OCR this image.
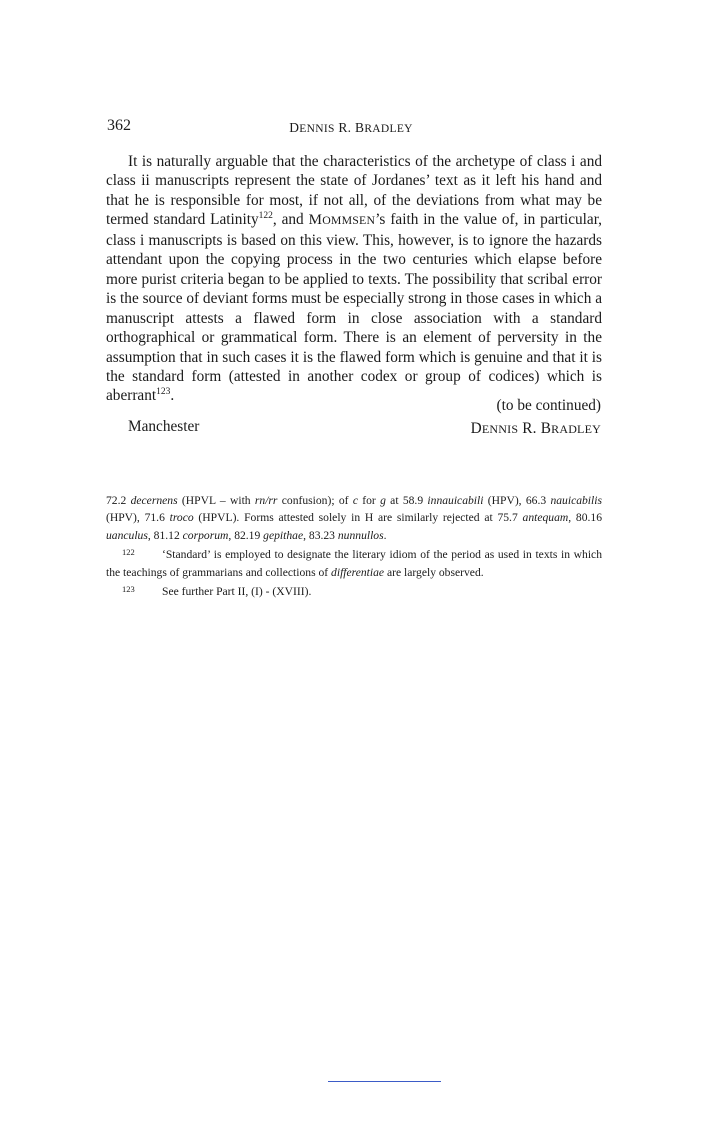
362	DENNIS R. BRADLEY

It is naturally arguable that the characteristics of the archetype of class i and class ii manuscripts represent the state of Jordanes’ text as it left his hand and that he is responsible for most, if not all, of the deviations from what may be termed standard Latinity$^{122}$, and MOMMSEN’s faith in the value of, in particular, class i manuscripts is based on this view. This, however, is to ignore the hazards attendant upon the copying process in the two centuries which elapse before more purist criteria began to be applied to texts. The possibility that scribal error is the source of deviant forms must be especially strong in those cases in which a manuscript attests a flawed form in close association with a standard orthographical or grammatical form. There is an element of perversity in the assumption that in such cases it is the flawed form which is genuine and that it is the standard form (attested in another codex or group of codices) which is aberrant$^{123}$.

(to be continued)
Manchester	DENNIS R. BRADLEY

72.2 decernens (HPVL – with rn/rr confusion); of c for g at 58.9 innauicabili (HPV), 66.3 nauicabilis (HPV), 71.6 troco (HPVL). Forms attested solely in H are similarly rejected at 75.7 antequam, 80.16 uanculus, 81.12 corporum, 82.19 gepithae, 83.23 nunnullos.

122 ‘Standard’ is employed to designate the literary idiom of the period as used in texts in which the teachings of grammarians and collections of differentiae are largely observed.

123 See further Part II, (I) - (XVIII).
